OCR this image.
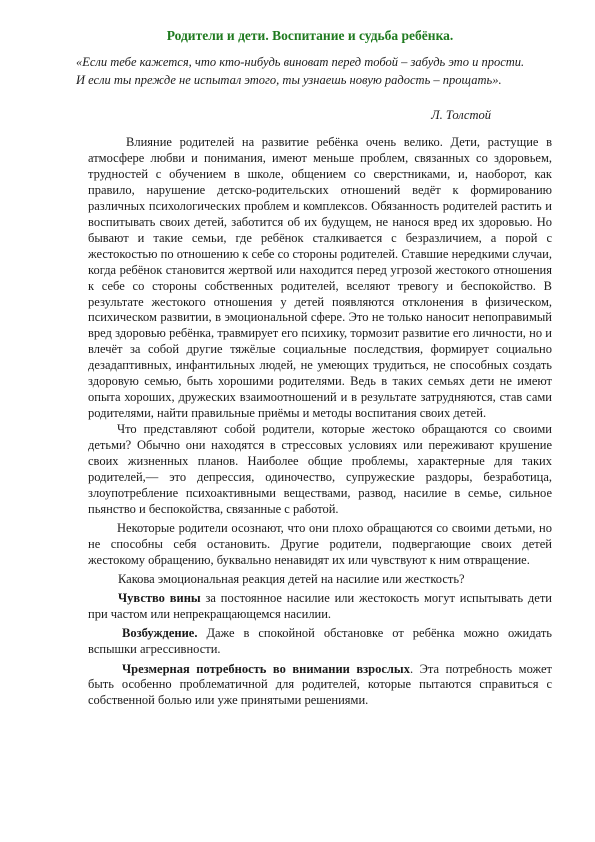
Родители и дети. Воспитание и судьба ребёнка.
«Если тебе кажется, что кто-нибудь виноват перед тобой – забудь это и прости. И если ты прежде не испытал этого, ты узнаешь новую радость – прощать».
Л. Толстой

Влияние родителей на развитие ребёнка очень велико. Дети, растущие в атмосфере любви и понимания, имеют меньше проблем, связанных со здоровьем, трудностей с обучением в школе, общением со сверстниками, и, наоборот, как правило, нарушение детско-родительских отношений ведёт к формированию различных психологических проблем и комплексов. Обязанность родителей растить и воспитывать своих детей, заботится об их будущем, не нанося вред их здоровью. Но бывают и такие семьи, где ребёнок сталкивается с безразличием, а порой с жестокостью по отношению к себе со стороны родителей. Ставшие нередкими случаи, когда ребёнок становится жертвой или находится перед угрозой жестокого отношения к себе со стороны собственных родителей, вселяют тревогу и беспокойство. В результате жестокого отношения у детей появляются отклонения в физическом, психическом развитии, в эмоциональной сфере. Это не только наносит непоправимый вред здоровью ребёнка, травмирует его психику, тормозит развитие его личности, но и влечёт за собой другие тяжёлые социальные последствия, формирует социально дезадаптивных, инфантильных людей, не умеющих трудиться, не способных создать здоровую семью, быть хорошими родителями. Ведь в таких семьях дети не имеют опыта хороших, дружеских взаимоотношений и в результате затрудняются, став сами родителями, найти правильные приёмы и методы воспитания своих детей.

Что представляют собой родители, которые жестоко обращаются со своими детьми? Обычно они находятся в стрессовых условиях или переживают крушение своих жизненных планов. Наиболее общие проблемы, характерные для таких родителей,— это депрессия, одиночество, супружеские раздоры, безработица, злоупотребление психоактивными веществами, развод, насилие в семье, сильное пьянство и беспокойства, связанные с работой.

Некоторые родители осознают, что они плохо обращаются со своими детьми, но не способны себя остановить. Другие родители, подвергающие своих детей жестокому обращению, буквально ненавидят их или чувствуют к ним отвращение.

Какова эмоциональная реакция детей на насилие или жесткость?

Чувство вины за постоянное насилие или жестокость могут испытывать дети при частом или непрекращающемся насилии.

Возбуждение. Даже в спокойной обстановке от ребёнка можно ожидать вспышки агрессивности.

Чрезмерная потребность во внимании взрослых. Эта потребность может быть особенно проблематичной для родителей, которые пытаются справиться с собственной болью или уже принятыми решениями.
